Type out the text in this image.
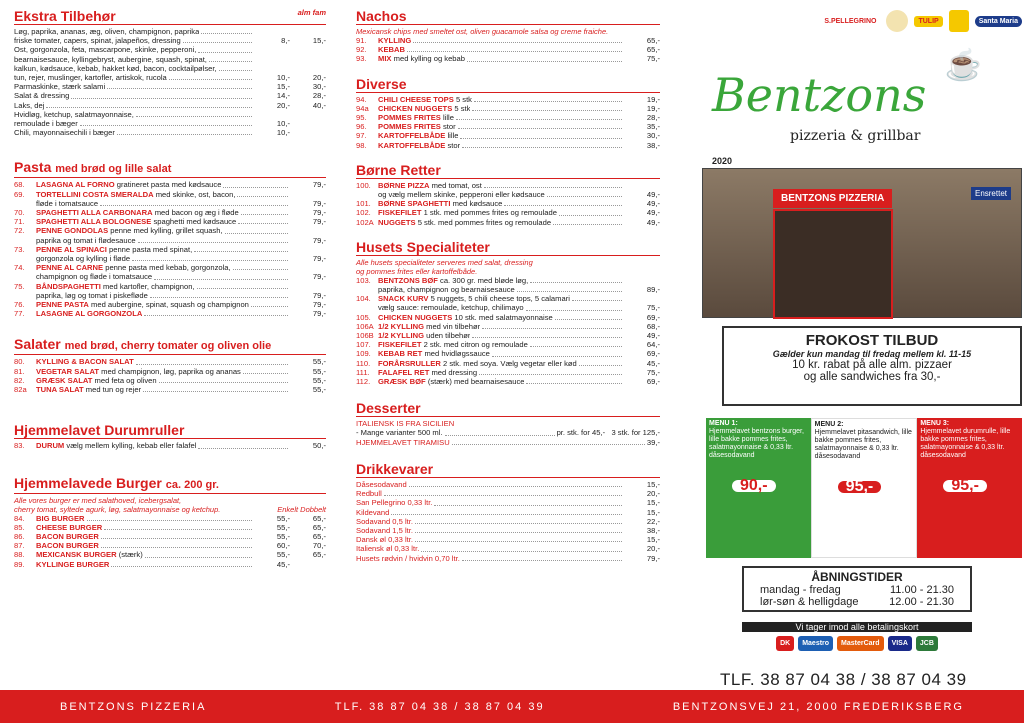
Ekstra Tilbehør	alm fam
Løg, paprika, ananas, æg, oliven, champignon, paprika
friske tomater, capers, spinat, jalapeños, dressing	8,-	15,-
Ost, gorgonzola, feta, mascarpone, skinke, pepperoni,
bearnaisesauce, kyllingebryst, aubergine, squash, spinat,
kalkun, kødsauce, kebab, hakket kød, bacon, cocktailpølser,
tun, rejer, muslinger, kartofler, artiskok, rucola	10,-	20,-
Parmaskinke, stærk salami	15,-	30,-
Salat & dressing	14,-	28,-
Laks, dej	20,-	40,-
Hvidløg, ketchup, salatmayonnaise,
remoulade i bæger	10,-
Chili, mayonnaisechili i bæger	10,-
Pasta med brød og lille salat
68.	LASAGNA AL FORNO gratineret pasta med kødsauce	79,-
69.	TORTELLINI COSTA SMERALDA med skinke, ost, bacon,
fløde i tomatsauce	79,-
70.	SPAGHETTI ALLA CARBONARA med bacon og æg i fløde	79,-
71.	SPAGHETTI ALLA BOLOGNESE spaghetti med kødsauce	79,-
72.	PENNE GONDOLAS penne med kylling, grillet squash,
paprika og tomat i flødesauce	79,-
73.	PENNE AL SPINACI penne pasta med spinat,
gorgonzola og kylling i fløde	79,-
74.	PENNE AL CARNE penne pasta med kebab, gorgonzola,
champignon og fløde i tomatsauce	79,-
75.	BÅNDSPAGHETTI med kartofler, champignon,
paprika, løg og tomat i piskefløde	79,-
76.	PENNE PASTA med aubergine, spinat, squash og champignon	79,-
77.	LASAGNE AL GORGONZOLA	79,-
Salater med brød, cherry tomater og oliven olie
80.	KYLLING & BACON SALAT	55,-
81.	VEGETAR SALAT med champignon, løg, paprika og ananas	55,-
82.	GRÆSK SALAT med feta og oliven	55,-
82a	TUNA SALAT med tun og rejer	55,-
Hjemmelavet Durumruller
83.	DURUM vælg mellem kylling, kebab eller falafel	50,-
Hjemmelavede Burger ca. 200 gr.
Alle vores burger er med salathoved, icebergsalat,
cherry tomat, syltede agurk, løg, salatmayonnaise og ketchup.	Enkelt Dobbelt
84.	BIG BURGER	55,-	65,-
85.	CHEESE BURGER	55,-	65,-
86.	BACON BURGER	55,-	65,-
87.	BACON BURGER	60,-	70,-
88.	MEXICANSK BURGER (stærk)	55,-	65,-
89.	KYLLINGE BURGER	45,-
Nachos
Mexicansk chips med smeltet ost, oliven guacamole salsa og creme fraiche.
91.	KYLLING	65,-
92.	KEBAB	65,-
93.	MIX med kylling og kebab	75,-
Diverse
94.	CHILI CHEESE TOPS 5 stk	19,-
94a	CHICKEN NUGGETS 5 stk	19,-
95.	POMMES FRITES lille	28,-
96.	POMMES FRITES stor	35,-
97.	KARTOFFELBÅDE lille	30,-
98.	KARTOFFELBÅDE stor	38,-
Børne Retter
100. BØRNE PIZZA med tomat, ost
og vælg mellem skinke, pepperoni eller kødsauce	49,-
101. BØRNE SPAGHETTI med kødsauce	49,-
102. FISKEFILET 1 stk. med pommes frites og remoulade	49,-
102A NUGGETS 5 stk. med pommes frites og remoulade	49,-
Husets Specialiteter
Alle husets specialiteter serveres med salat, dressing
og pommes frites eller kartoffelbåde.
103. BENTZONS BØF ca. 300 gr. med bløde løg,
paprika, champignon og bearnaisesauce	89,-
104. SNACK KURV 5 nuggets, 5 chili cheese tops, 5 calamari
vælg sauce: remoulade, ketchup, chilimayo	75,-
105. CHICKEN NUGGETS 10 stk. med salatmayonnaise	69,-
106A 1/2 KYLLING med vin tilbehør	68,-
106B 1/2 KYLLING uden tilbehør	49,-
107. FISKEFILET 2 stk. med citron og remoulade	64,-
109. KEBAB RET med hvidløgssauce	69,-
110.	FORÅRSRULLER 2 stk. med soya. Vælg vegetar eller kød	45,-
111.	FALAFEL RET med dressing	75,-
112.	GRÆSK BØF (stærk) med bearnaisesauce	69,-
Desserter
ITALIENSK IS FRA SICILIEN
- Mange varianter 500 ml.	pr. stk. for 45,-
3 stk. for 125,-
HJEMMELAVET TIRAMISU	39,-
Drikkevarer
Dåsesodavand	15,-
Redbull	20,-
San Pellegrino 0,33 ltr.	15,-
Kildevand	15,-
Sodavand 0,5 ltr.	22,-
Sodavand 1,5 ltr.	38,-
Dansk øl 0,33 ltr.	15,-
Italiensk øl 0,33 ltr.	20,-
Husets rødvin / hvidvin 0,70 ltr.	79,-
S.PELLEGRINO	TULIP	Santa Maria
Bentzons
pizzeria & grillbar
2020
☕
BENTZONS PIZZERIA	Ensrettet
FROKOST TILBUD
Gælder kun mandag til fredag mellem kl. 11-15
10 kr. rabat på alle alm. pizzaer
og alle sandwiches fra 30,-
MENU 1:
Hjemmelavet bentzons burger, lille bakke pommes frites, salatmayonnaise & 0,33 ltr. dåsesodavand
90,-
MENU 2:
Hjemmelavet pitasandwich, lille bakke pommes frites, salatmayonnaise & 0,33 ltr. dåsesodavand
95,-
MENU 3:
Hjemmelavet durumrulle, lille bakke pommes frites, salatmayonnaise & 0,33 ltr. dåsesodavand
95,-
ÅBNINGSTIDER
mandag - fredag	11.00 - 21.30
lør-søn & helligdage	12.00 - 21.30
Vi tager imod alle betalingskort
DK	Maestro	MasterCard	VISA	JCB
TLF. 38 87 04 38 / 38 87 04 39
BENTZONS PIZZERIA	TLF. 38 87 04 38 / 38 87 04 39	BENTZONSVEJ 21, 2000 FREDERIKSBERG
